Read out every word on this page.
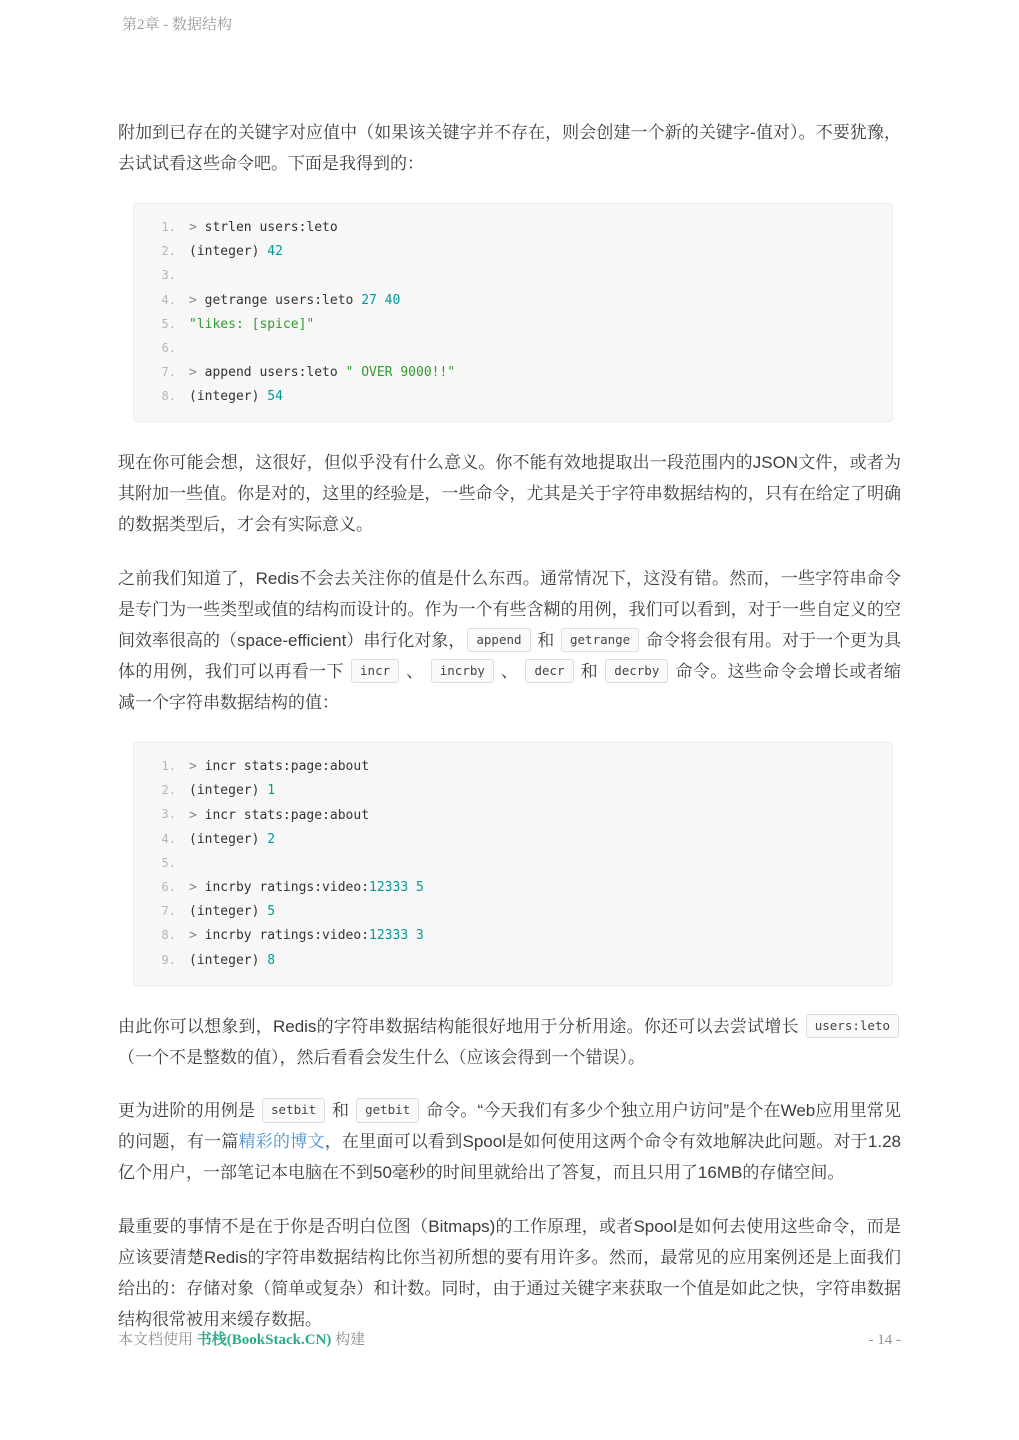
第2章 - 数据结构

附加到已存在的关键字对应值中（如果该关键字并不存在，则会创建一个新的关键字-值对）。不要犹豫，去试试看这些命令吧。下面是我得到的：

1. > strlen users:leto
2. (integer) 42
3.
4. > getrange users:leto 27 40
5. "likes: [spice]"
6.
7. > append users:leto " OVER 9000!!"
8. (integer) 54

现在你可能会想，这很好，但似乎没有什么意义。你不能有效地提取出一段范围内的JSON文件，或者为其附加一些值。你是对的，这里的经验是，一些命令，尤其是关于字符串数据结构的，只有在给定了明确的数据类型后，才会有实际意义。

之前我们知道了，Redis不会去关注你的值是什么东西。通常情况下，这没有错。然而，一些字符串命令是专门为一些类型或值的结构而设计的。作为一个有些含糊的用例，我们可以看到，对于一些自定义的空间效率很高的（space-efficient）串行化对象， append 和 getrange 命令将会很有用。对于一个更为具体的用例，我们可以再看一下 incr 、 incrby 、 decr 和 decrby 命令。这些命令会增长或者缩减一个字符串数据结构的值：

1. > incr stats:page:about
2. (integer) 1
3. > incr stats:page:about
4. (integer) 2
5.
6. > incrby ratings:video:12333 5
7. (integer) 5
8. > incrby ratings:video:12333 3
9. (integer) 8

由此你可以想象到，Redis的字符串数据结构能很好地用于分析用途。你还可以去尝试增长 users:leto （一个不是整数的值），然后看看会发生什么（应该会得到一个错误）。

更为进阶的用例是 setbit 和 getbit 命令。“今天我们有多少个独立用户访问”是个在Web应用里常见的问题，有一篇精彩的博文，在里面可以看到Spool是如何使用这两个命令有效地解决此问题。对于1.28亿个用户，一部笔记本电脑在不到50毫秒的时间里就给出了答复，而且只用了16MB的存储空间。

最重要的事情不是在于你是否明白位图（Bitmaps)的工作原理，或者Spool是如何去使用这些命令，而是应该要清楚Redis的字符串数据结构比你当初所想的要有用许多。然而，最常见的应用案例还是上面我们给出的：存储对象（简单或复杂）和计数。同时，由于通过关键字来获取一个值是如此之快，字符串数据结构很常被用来缓存数据。

本文档使用 书栈(BookStack.CN) 构建	- 14 -
